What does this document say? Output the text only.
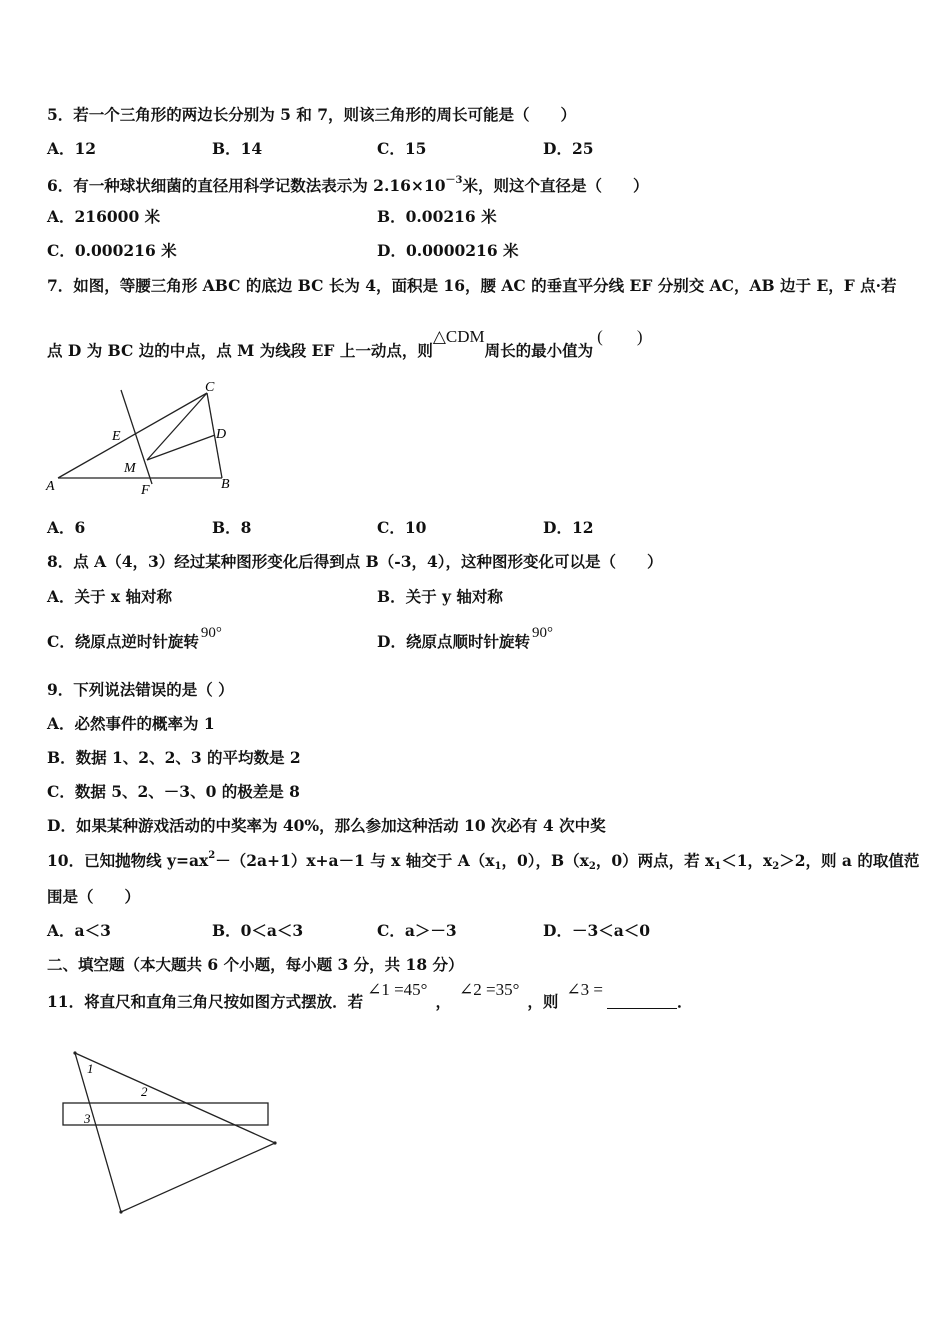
5．若一个三角形的两边长分别为 5 和 7，则该三角形的周长可能是（　　）
A．12	B．14	C．15	D．25
6．有一种球状细菌的直径用科学记数法表示为 $2.16\times 10^{-3}$米，则这个直径是（　　）
A．216000 米	B．0.00216 米
C．0.000216 米	D．0.0000216 米
7．如图，等腰三角形 ABC 的底边 BC 长为 4，面积是 16，腰 AC 的垂直平分线 EF 分别交 AC，AB 边于 E，F 点·若
点 D 为 BC 边的中点，点 M 为线段 EF 上一动点，则△CDM周长的最小值为(　　)
C
E	D
M
A	F	B
A．6	B．8	C．10	D．12
8．点 A（4，3）经过某种图形变化后得到点 B（-3，4），这种图形变化可以是（　　）
A．关于 x 轴对称	B．关于 y 轴对称
C．绕原点逆时针旋转 90°	D．绕原点顺时针旋转 90°
9．下列说法错误的是（ ）
A．必然事件的概率为 1
B．数据 1、2、2、3 的平均数是 2
C．数据 5、2、－3、0 的极差是 8
D．如果某种游戏活动的中奖率为 40%，那么参加这种活动 10 次必有 4 次中奖
10．已知抛物线 $y=ax^2-(2a+1)x+a-1$ 与 x 轴交于 $A(x_1$，0），$B(x_2$，0）两点，若 $x_1<1$，$x_2>2$，则 a 的取值范
围是（　　）
A．a＜3	B．0＜a＜3	C．a＞－3	D．－3＜a＜0
二、填空题（本大题共 6 个小题，每小题 3 分，共 18 分）
11．将直尺和直角三角尺按如图方式摆放．若∠1 =45°，∠2 =35°，则∠3 =．
1
2
3
